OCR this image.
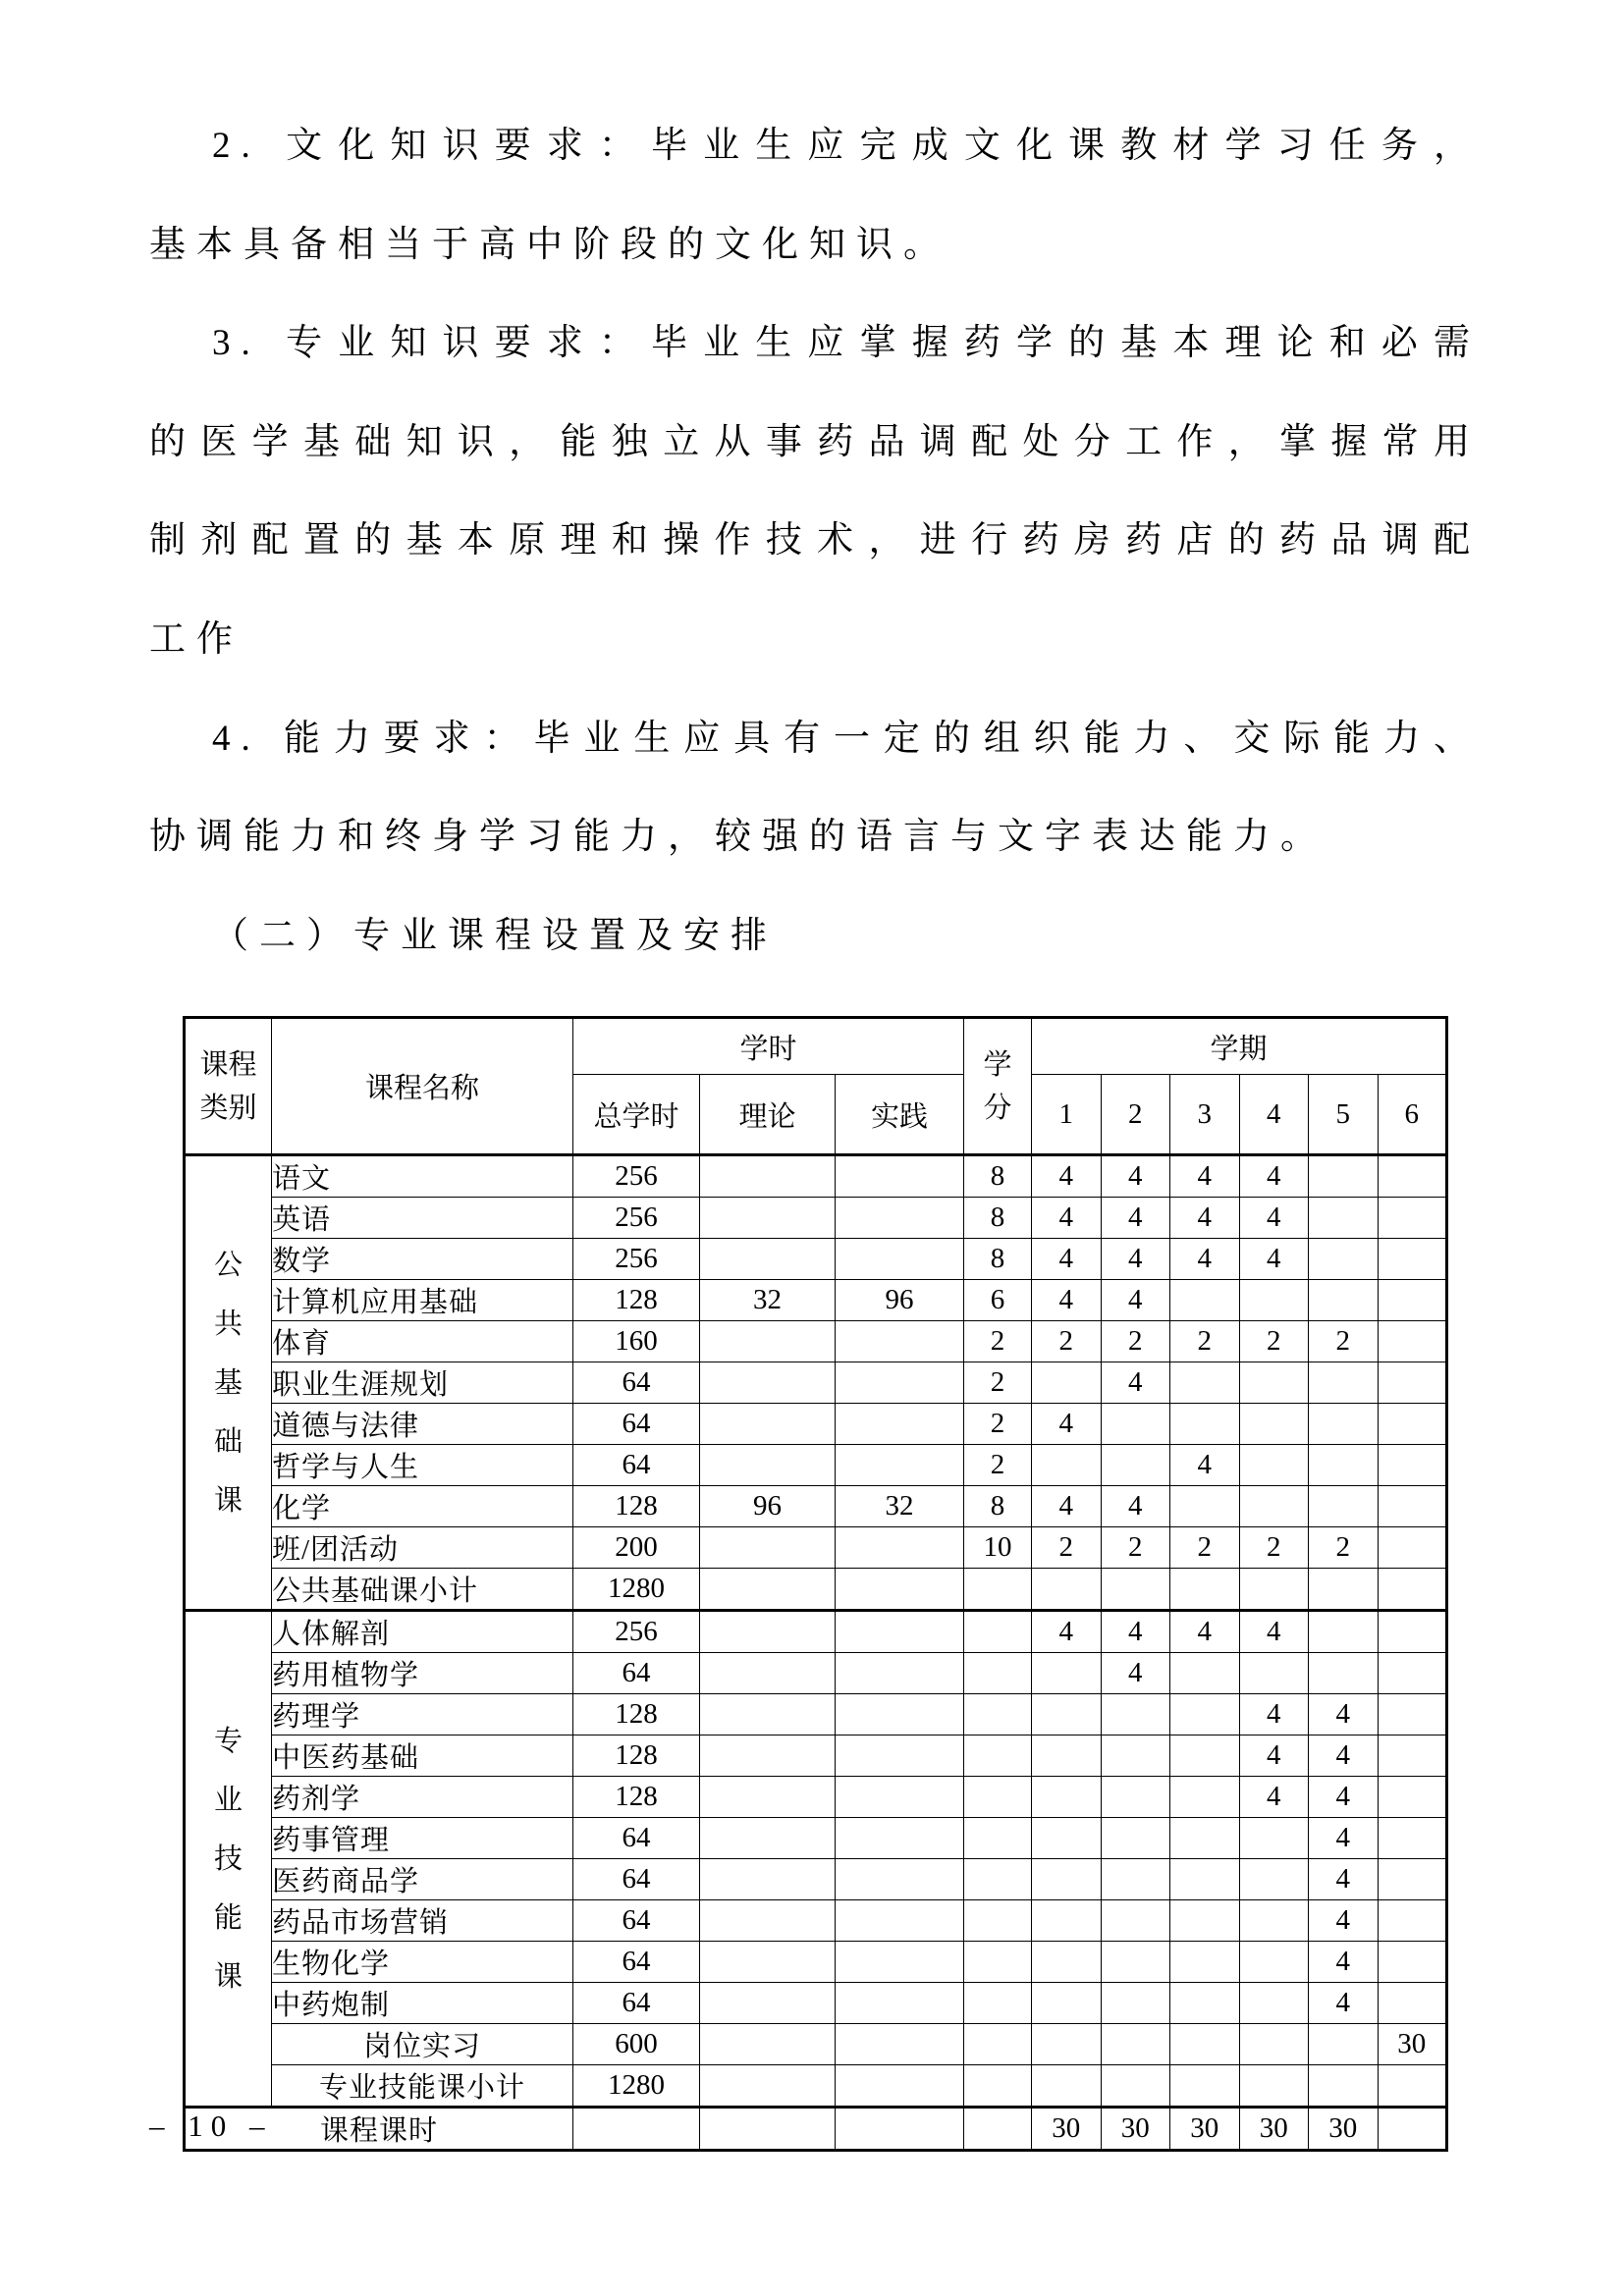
2. 文化知识要求：毕业生应完成文化课教材学习任务，
基本具备相当于高中阶段的文化知识。
3. 专业知识要求：毕业生应掌握药学的基本理论和必需
的医学基础知识，能独立从事药品调配处分工作，掌握常用
制剂配置的基本原理和操作技术，进行药房药店的药品调配
工作
4. 能力要求：毕业生应具有一定的组织能力、交际能力、
协调能力和终身学习能力，较强的语言与文字表达能力。
（二）专业课程设置及安排
课程
类别
	课程名称	学时	学
分
	学期
		总学时	理论	实践		1	2	3	4	5	6

公
共
基
础
课	语文	256			8	4	4	4	4		
	英语	256			8	4	4	4	4		
	数学	256			8	4	4	4	4		
	计算机应用基础	128	32	96	6	4	4				
	体育	160			2	2	2	2	2	2	
	职业生涯规划	64			2		4				
	道德与法律	64			2	4					
	哲学与人生	64			2			4			
	化学	128	96	32	8	4	4				
	班/团活动	200			10	2	2	2	2	2	
	公共基础课小计	1280									

专
业
技
能
课	人体解剖	256				4	4	4	4		
	药用植物学	64					4				
	药理学	128							4	4	
	中医药基础	128							4	4	
	药剂学	128							4	4	
	药事管理	64								4	
	医药商品学	64								4	
	药品市场营销	64								4	
	生物化学	64								4	
	中药炮制	64								4	
	岗位实习	600									30
	专业技能课小计	1280									
课程课时						30	30	30	30	30	
– 10 –
